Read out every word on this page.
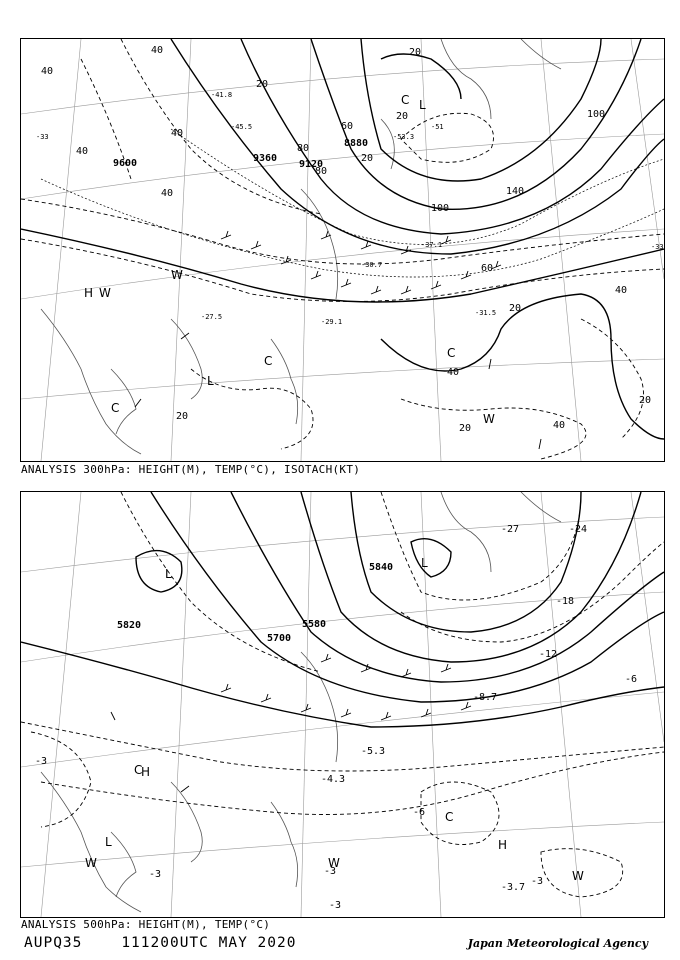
9600	9360
9120
8880
40
40
40
40
40
20
60
80
80
20
20
20
100
100
140
60
20
40
40
20	40
20
20
-53.3
-51
-41.8
-45.5
-37.1
-30.7
-29.1
-31.5
-27.5
-33
-33
L
L
C
C
C
C
H W
W
W
ANALYSIS 300hPa: HEIGHT(M), TEMP(°C), ISOTACH(KT)
5820
5700
5580
5840
-3
-3	-3
-3
-3
-6
-6
-12
-18
-24
-27
-5.3
-4.3
-3.7
-8.7
L
L
L
C
C
H
H
W
W
W
ANALYSIS 500hPa: HEIGHT(M), TEMP(°C)
AUPQ35	111200UTC MAY 2020	Japan Meteorological Agency
